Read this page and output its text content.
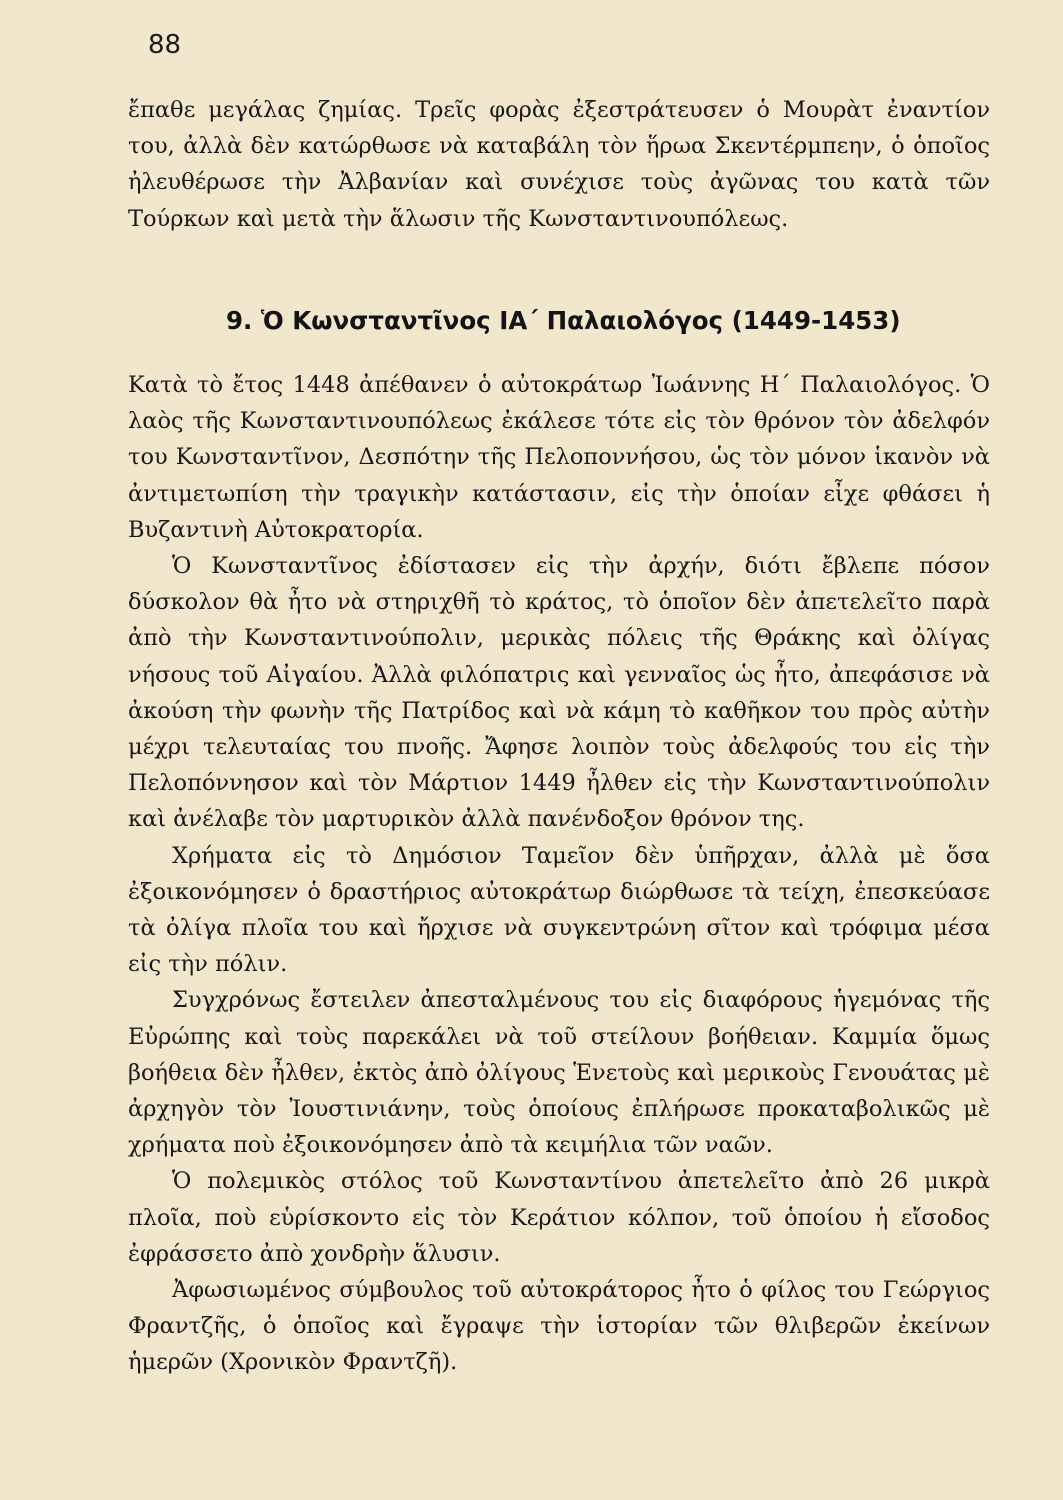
88

ἔπαθε μεγάλας ζημίας. Τρεῖς φορὰς ἐξεστράτευσεν ὁ Μουρὰτ ἐναντίον του, ἀλλὰ δὲν κατώρθωσε νὰ καταβάλη τὸν ἥρωα Σκεντέρμπεην, ὁ ὁποῖος ἠλευθέρωσε τὴν Ἀλβανίαν καὶ συνέχισε τοὺς ἀγῶνας του κατὰ τῶν Τούρκων καὶ μετὰ τὴν ἅλωσιν τῆς Κωνσταντινουπόλεως.

9. Ὁ Κωνσταντῖνος ΙΑ΄ Παλαιολόγος (1449-1453)

Κατὰ τὸ ἔτος 1448 ἀπέθανεν ὁ αὐτοκράτωρ Ἰωάννης Η΄ Παλαιολόγος. Ὁ λαὸς τῆς Κωνσταντινουπόλεως ἐκάλεσε τότε εἰς τὸν θρόνον τὸν ἀδελφόν του Κωνσταντῖνον, Δεσπότην τῆς Πελοποννήσου, ὡς τὸν μόνον ἱκανὸν νὰ ἀντιμετωπίση τὴν τραγικὴν κατάστασιν, εἰς τὴν ὁποίαν εἶχε φθάσει ἡ Βυζαντινὴ Αὐτοκρατορία.

Ὁ Κωνσταντῖνος ἐδίστασεν εἰς τὴν ἀρχήν, διότι ἔβλεπε πόσον δύσκολον θὰ ἦτο νὰ στηριχθῆ τὸ κράτος, τὸ ὁποῖον δὲν ἀπετελεῖτο παρὰ ἀπὸ τὴν Κωνσταντινούπολιν, μερικὰς πόλεις τῆς Θράκης καὶ ὀλίγας νήσους τοῦ Αἰγαίου. Ἀλλὰ φιλόπατρις καὶ γενναῖος ὡς ἦτο, ἀπεφάσισε νὰ ἀκούση τὴν φωνὴν τῆς Πατρίδος καὶ νὰ κάμη τὸ καθῆκον του πρὸς αὐτὴν μέχρι τελευταίας του πνοῆς. Ἄφησε λοιπὸν τοὺς ἀδελφούς του εἰς τὴν Πελοπόννησον καὶ τὸν Μάρτιον 1449 ἦλθεν εἰς τὴν Κωνσταντινούπολιν καὶ ἀνέλαβε τὸν μαρτυρικὸν ἀλλὰ πανένδοξον θρόνον της.

Χρήματα εἰς τὸ Δημόσιον Ταμεῖον δὲν ὑπῆρχαν, ἀλλὰ μὲ ὅσα ἐξοικονόμησεν ὁ δραστήριος αὐτοκράτωρ διώρθωσε τὰ τείχη, ἐπεσκεύασε τὰ ὀλίγα πλοῖα του καὶ ἤρχισε νὰ συγκεντρώνη σῖτον καὶ τρόφιμα μέσα εἰς τὴν πόλιν.

Συγχρόνως ἔστειλεν ἀπεσταλμένους του εἰς διαφόρους ἡγεμόνας τῆς Εὐρώπης καὶ τοὺς παρεκάλει νὰ τοῦ στείλουν βοήθειαν. Καμμία ὅμως βοήθεια δὲν ἦλθεν, ἐκτὸς ἀπὸ ὀλίγους Ἑνετοὺς καὶ μερικοὺς Γενουάτας μὲ ἀρχηγὸν τὸν Ἰουστινιάνην, τοὺς ὁποίους ἐπλήρωσε προκαταβολικῶς μὲ χρήματα ποὺ ἐξοικονόμησεν ἀπὸ τὰ κειμήλια τῶν ναῶν.

Ὁ πολεμικὸς στόλος τοῦ Κωνσταντίνου ἀπετελεῖτο ἀπὸ 26 μικρὰ πλοῖα, ποὺ εὑρίσκοντο εἰς τὸν Κεράτιον κόλπον, τοῦ ὁποίου ἡ εἴσοδος ἐφράσσετο ἀπὸ χονδρὴν ἅλυσιν.

Ἀφωσιωμένος σύμβουλος τοῦ αὐτοκράτορος ἦτο ὁ φίλος του Γεώργιος Φραντζῆς, ὁ ὁποῖος καὶ ἔγραψε τὴν ἱστορίαν τῶν θλιβερῶν ἐκείνων ἡμερῶν (Χρονικὸν Φραντζῆ).
